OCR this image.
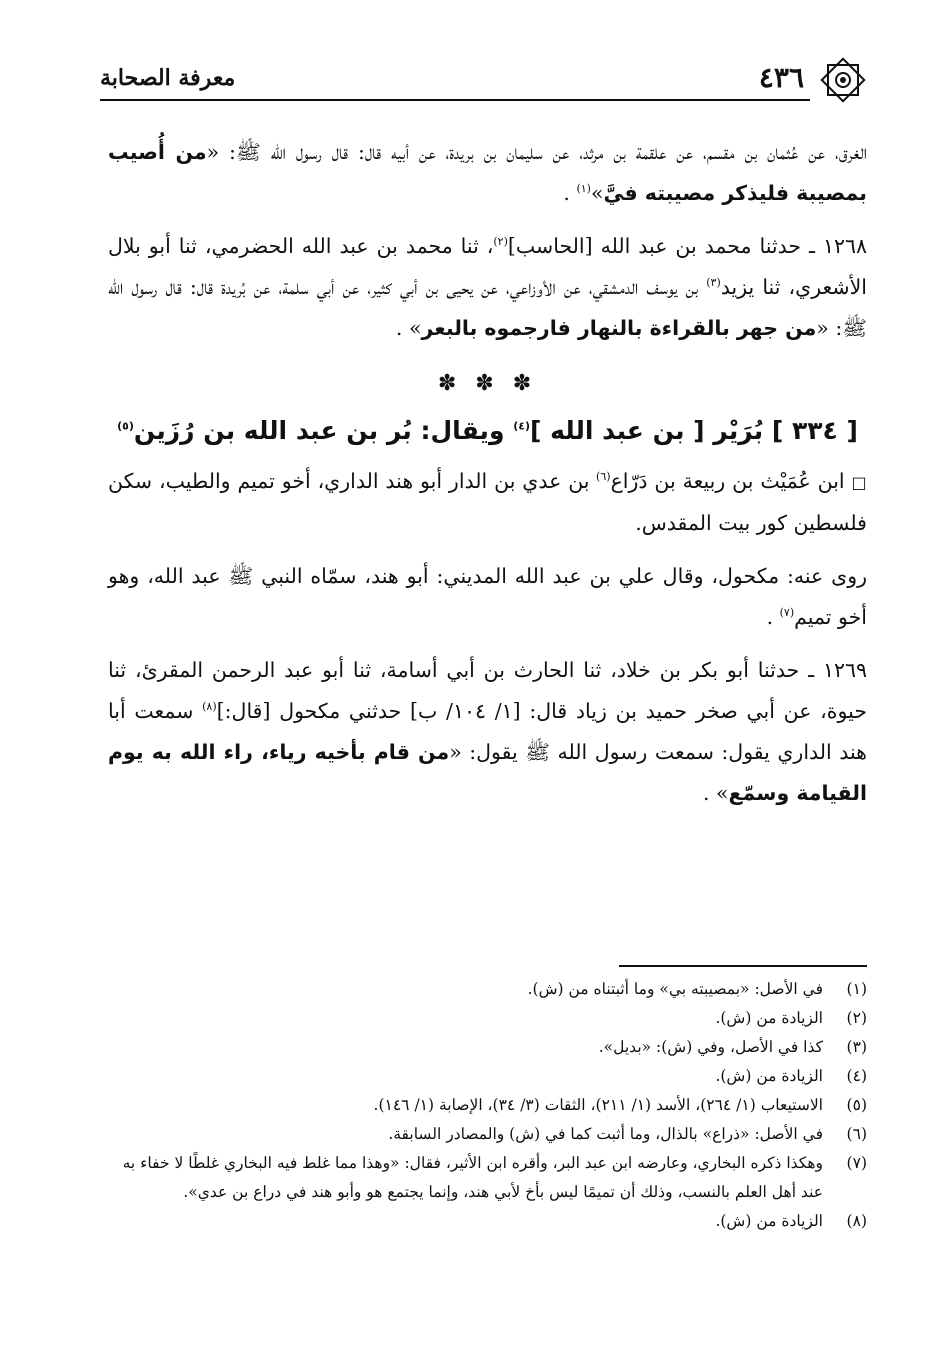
٤٣٦
معرفة الصحابة

الغرق، عن عُثمان بن مقسم، عن علقمة بن مرثد، عن سليمان بن بريدة، عن أبيه قال: قال رسول الله ﷺ: «من أُصيب بمصيبة فليذكر مصيبته فيَّ»$^{(١)}$ .

١٢٦٨ ـ حدثنا محمد بن عبد الله [الحاسب]$^{(٢)}$، ثنا محمد بن عبد الله الحضرمي، ثنا أبو بلال الأشعري، ثنا يزيد$^{(٣)}$ بن يوسف الدمشقي، عن الأوزاعي، عن يحيى بن أبي كثير، عن أبي سلمة، عن بُريدة قال: قال رسول الله ﷺ: «من جهر بالقراءة بالنهار فارجموه بالبعر» .

✽ ✽ ✽
[ ٣٣٤ ] بُرَيْر [ بن عبد الله ]$^{(٤)}$ ويقال: بُر بن عبد الله بن رُزَين$^{(٥)}$

□ ابن عُمَيْث بن ربيعة بن دَرّاع$^{(٦)}$ بن عدي بن الدار أبو هند الداري، أخو تميم والطيب، سكن فلسطين كور بيت المقدس.

روى عنه: مكحول، وقال علي بن عبد الله المديني: أبو هند، سمّاه النبي ﷺ عبد الله، وهو أخو تميم$^{(٧)}$ .

١٢٦٩ ـ حدثنا أبو بكر بن خلاد، ثنا الحارث بن أبي أسامة، ثنا أبو عبد الرحمن المقرئ، ثنا حيوة، عن أبي صخر حميد بن زياد قال: [١/ ١٠٤/ ب] حدثني مكحول [قال:]$^{(٨)}$ سمعت أبا هند الداري يقول: سمعت رسول الله ﷺ يقول: «من قام بأخيه رياء، راء الله به يوم القيامة وسمّع» .

(١)
في الأصل: «بمصيبته بي» وما أثبتناه من (ش).
(٢)
الزيادة من (ش).
(٣)
كذا في الأصل، وفي (ش): «بديل».
(٤)
الزيادة من (ش).
(٥)
الاستيعاب (١/ ٢٦٤)، الأسد (١/ ٢١١)، الثقات (٣/ ٣٤)، الإصابة (١/ ١٤٦).
(٦)
في الأصل: «ذراع» بالذال، وما أثبت كما في (ش) والمصادر السابقة.
(٧)
وهكذا ذكره البخاري، وعارضه ابن عبد البر، وأقره ابن الأثير، فقال: «وهذا مما غلط فيه البخاري غلطًا لا خفاء به عند أهل العلم بالنسب، وذلك أن تميمًا ليس بأخ لأبي هند، وإنما يجتمع هو وأبو هند في دراع بن عدي».
(٨)
الزيادة من (ش).
